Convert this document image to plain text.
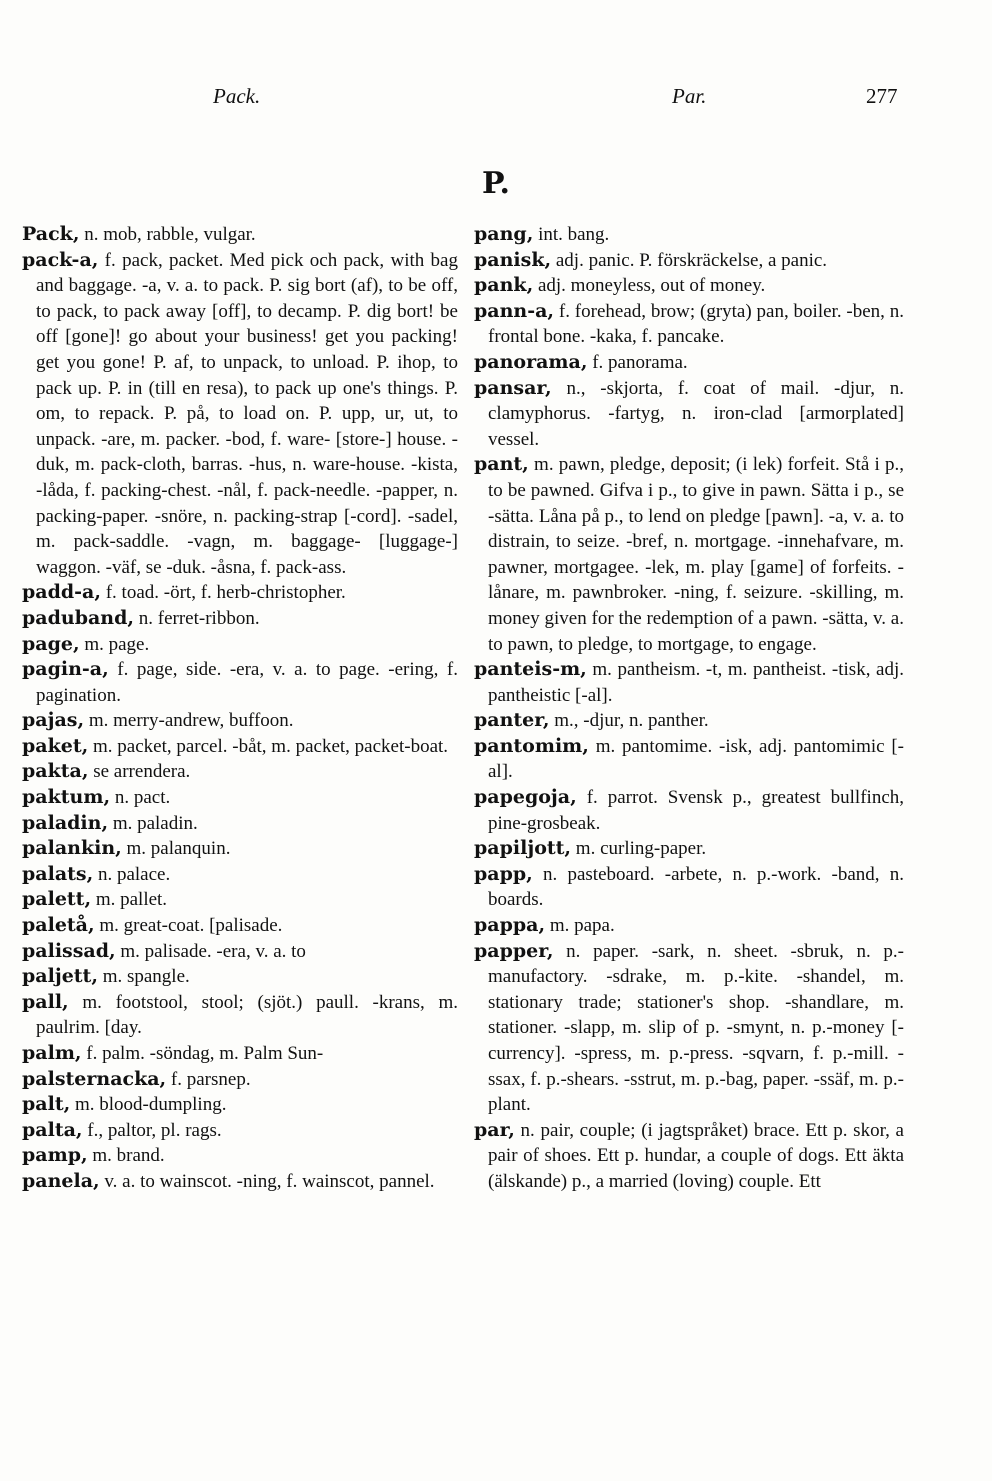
Pack.	Par.	277
P.

Pack, n. mob, rabble, vulgar.

pack-a, f. pack, packet. Med pick och pack, with bag and baggage. -a, v. a. to pack. P. sig bort (af), to be off, to pack, to pack away [off], to decamp. P. dig bort! be off [gone]! go about your business! get you packing! get you gone! P. af, to unpack, to unload. P. ihop, to pack up. P. in (till en resa), to pack up one's things. P. om, to repack. P. på, to load on. P. upp, ur, ut, to unpack. -are, m. packer. -bod, f. ware- [store-] house. -duk, m. pack-cloth, barras. -hus, n. ware-house. -kista, -låda, f. packing-chest. -nål, f. pack-needle. -papper, n. packing-paper. -snöre, n. packing-strap [-cord]. -sadel, m. pack-saddle. -vagn, m. baggage- [luggage-] waggon. -väf, se -duk. -åsna, f. pack-ass.

padd-a, f. toad. -ört, f. herb-christopher.

paduband, n. ferret-ribbon.

page, m. page.

pagin-a, f. page, side. -era, v. a. to page. -ering, f. pagination.

pajas, m. merry-andrew, buffoon.

paket, m. packet, parcel. -båt, m. packet, packet-boat.

pakta, se arrendera.

paktum, n. pact.

paladin, m. paladin.

palankin, m. palanquin.

palats, n. palace.

palett, m. pallet.

paletå, m. great-coat. [palisade.

palissad, m. palisade. -era, v. a. to

paljett, m. spangle.

pall, m. footstool, stool; (sjöt.) paull. -krans, m. paulrim. [day.

palm, f. palm. -söndag, m. Palm Sun-

palsternacka, f. parsnep.

palt, m. blood-dumpling.

palta, f., paltor, pl. rags.

pamp, m. brand.

panela, v. a. to wainscot. -ning, f. wainscot, pannel.

pang, int. bang.

panisk, adj. panic. P. förskräckelse, a panic.

pank, adj. moneyless, out of money.

pann-a, f. forehead, brow; (gryta) pan, boiler. -ben, n. frontal bone. -kaka, f. pancake.

panorama, f. panorama.

pansar, n., -skjorta, f. coat of mail. -djur, n. clamyphorus. -fartyg, n. iron-clad [armorplated] vessel.

pant, m. pawn, pledge, deposit; (i lek) forfeit. Stå i p., to be pawned. Gifva i p., to give in pawn. Sätta i p., se -sätta. Låna på p., to lend on pledge [pawn]. -a, v. a. to distrain, to seize. -bref, n. mortgage. -innehafvare, m. pawner, mortgagee. -lek, m. play [game] of forfeits. -lånare, m. pawnbroker. -ning, f. seizure. -skilling, m. money given for the redemption of a pawn. -sätta, v. a. to pawn, to pledge, to mortgage, to engage.

panteis-m, m. pantheism. -t, m. pantheist. -tisk, adj. pantheistic [-al].

panter, m., -djur, n. panther.

pantomim, m. pantomime. -isk, adj. pantomimic [-al].

papegoja, f. parrot. Svensk p., greatest bullfinch, pine-grosbeak.

papiljott, m. curling-paper.

papp, n. pasteboard. -arbete, n. p.-work. -band, n. boards.

pappa, m. papa.

papper, n. paper. -sark, n. sheet. -sbruk, n. p.-manufactory. -sdrake, m. p.-kite. -shandel, m. stationary trade; stationer's shop. -shandlare, m. stationer. -slapp, m. slip of p. -smynt, n. p.-money [-currency]. -spress, m. p.-press. -sqvarn, f. p.-mill. -ssax, f. p.-shears. -sstrut, m. p.-bag, paper. -ssäf, m. p.-plant.

par, n. pair, couple; (i jagtspråket) brace. Ett p. skor, a pair of shoes. Ett p. hundar, a couple of dogs. Ett äkta (älskande) p., a married (loving) couple. Ett
